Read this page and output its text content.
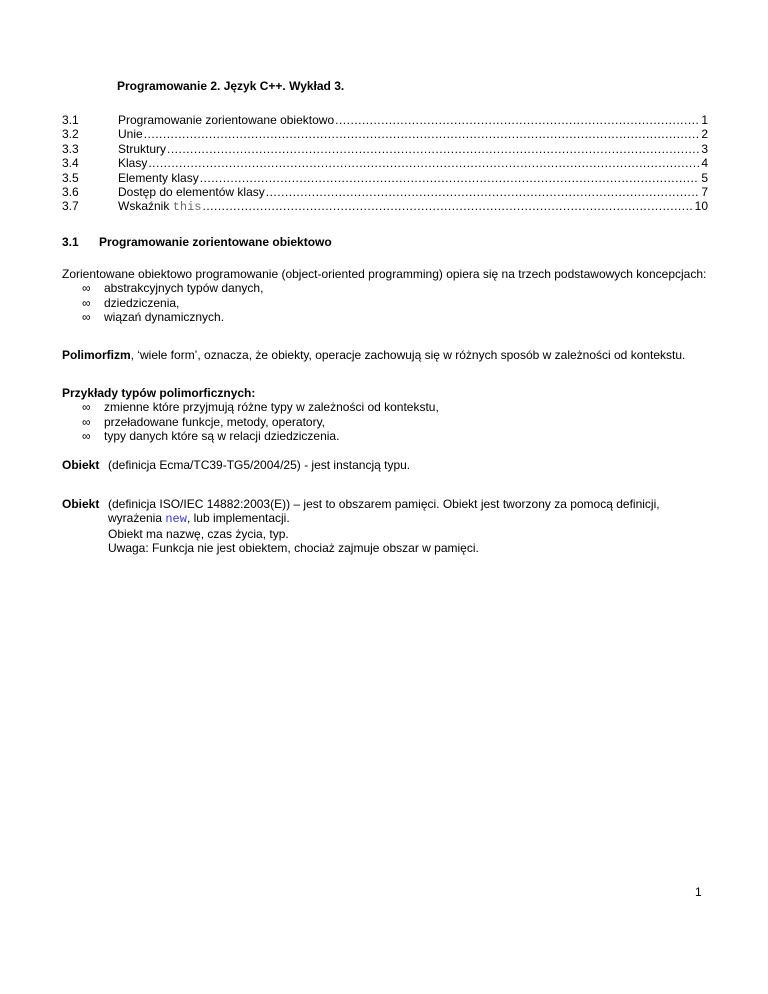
Programowanie 2. Język C++. Wykład 3.
3.1	Programowanie zorientowane obiektowo .....	1
3.2	Unie .....	2
3.3	Struktury .....	3
3.4	Klasy .....	4
3.5	Elementy klasy .....	5
3.6	Dostęp do elementów klasy .....	7
3.7	Wskaźnik this .....	10
3.1 Programowanie zorientowane obiektowo
Zorientowane obiektowo programowanie (object-oriented programming) opiera się na trzech podstawowych koncepcjach:
∞	abstrakcyjnych typów danych,
∞	dziedziczenia,
∞	wiązań dynamicznych.
Polimorfizm, ‘wiele form’, oznacza, że obiekty, operacje zachowują się w różnych sposób w zależności od kontekstu.
Przykłady typów polimorficznych:
∞	zmienne które przyjmują różne typy w zależności od kontekstu,
∞	przeładowane funkcje, metody, operatory,
∞	typy danych które są w relacji dziedziczenia.
Obiekt (definicja Ecma/TC39-TG5/2004/25) - jest instancją typu.
Obiekt (definicja ISO/IEC 14882:2003(E)) – jest to obszarem pamięci. Obiekt jest tworzony za pomocą definicji,
wyrażenia new, lub implementacji.
Obiekt ma nazwę, czas życia, typ.
Uwaga: Funkcja nie jest obiektem, chociaż zajmuje obszar w pamięci.
1
